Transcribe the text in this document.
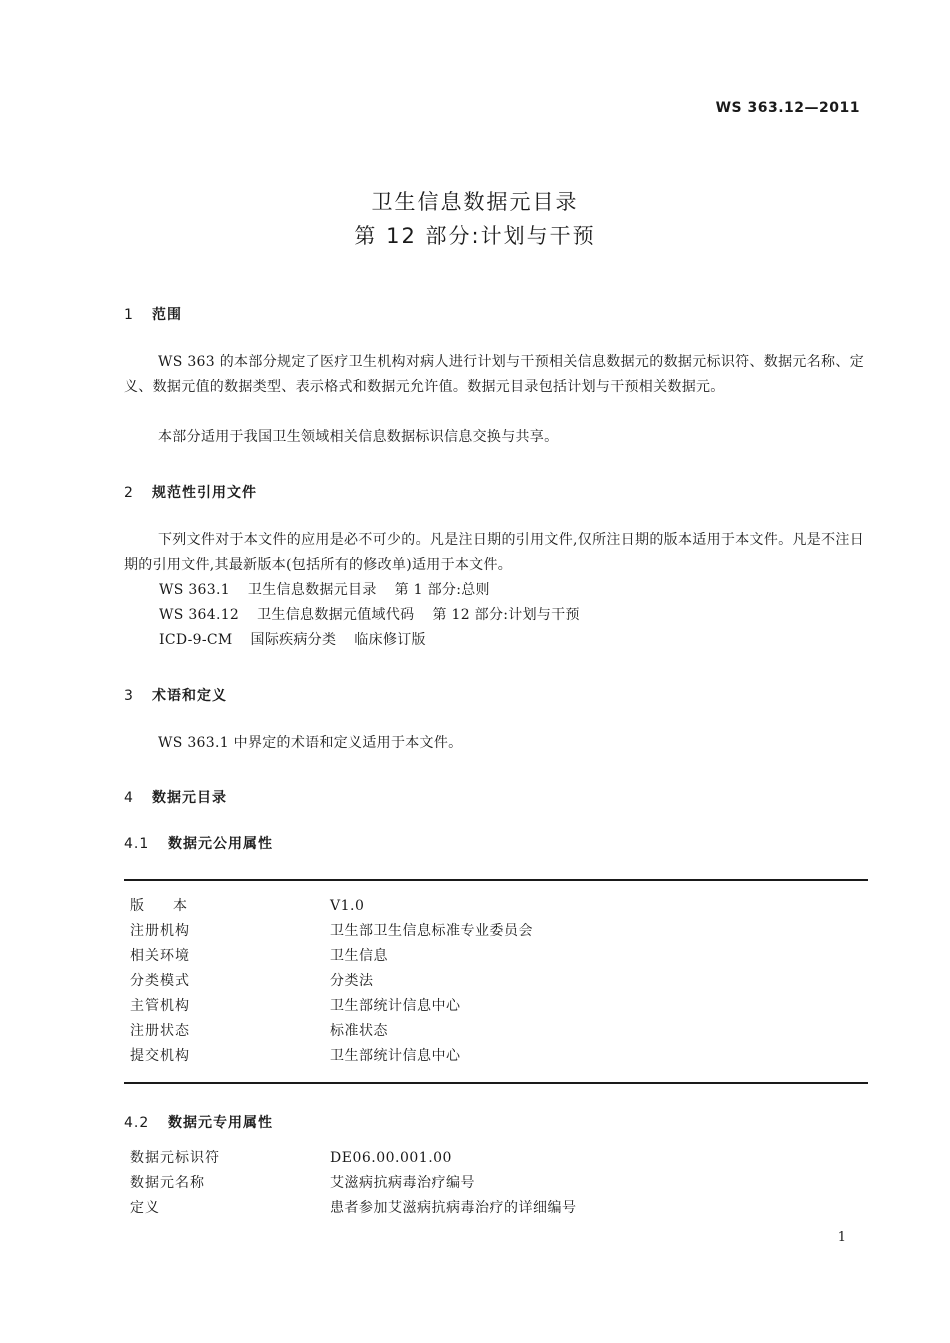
WS 363.12—2011
卫生信息数据元目录
第 12 部分:计划与干预
1 范围
WS 363 的本部分规定了医疗卫生机构对病人进行计划与干预相关信息数据元的数据元标识符、数据元名称、定义、数据元值的数据类型、表示格式和数据元允许值。数据元目录包括计划与干预相关数据元。
本部分适用于我国卫生领域相关信息数据标识信息交换与共享。
2 规范性引用文件
下列文件对于本文件的应用是必不可少的。凡是注日期的引用文件,仅所注日期的版本适用于本文件。凡是不注日期的引用文件,其最新版本(包括所有的修改单)适用于本文件。
WS 363.1 卫生信息数据元目录 第 1 部分:总则
WS 364.12 卫生信息数据元值域代码 第 12 部分:计划与干预
ICD-9-CM 国际疾病分类 临床修订版
3 术语和定义
WS 363.1 中界定的术语和定义适用于本文件。
4 数据元目录
4.1 数据元公用属性
版本	V1.0
注册机构	卫生部卫生信息标准专业委员会
相关环境	卫生信息
分类模式	分类法
主管机构	卫生部统计信息中心
注册状态	标准状态
提交机构	卫生部统计信息中心
4.2 数据元专用属性
数据元标识符	DE06.00.001.00
数据元名称	艾滋病抗病毒治疗编号
定义	患者参加艾滋病抗病毒治疗的详细编号
1
